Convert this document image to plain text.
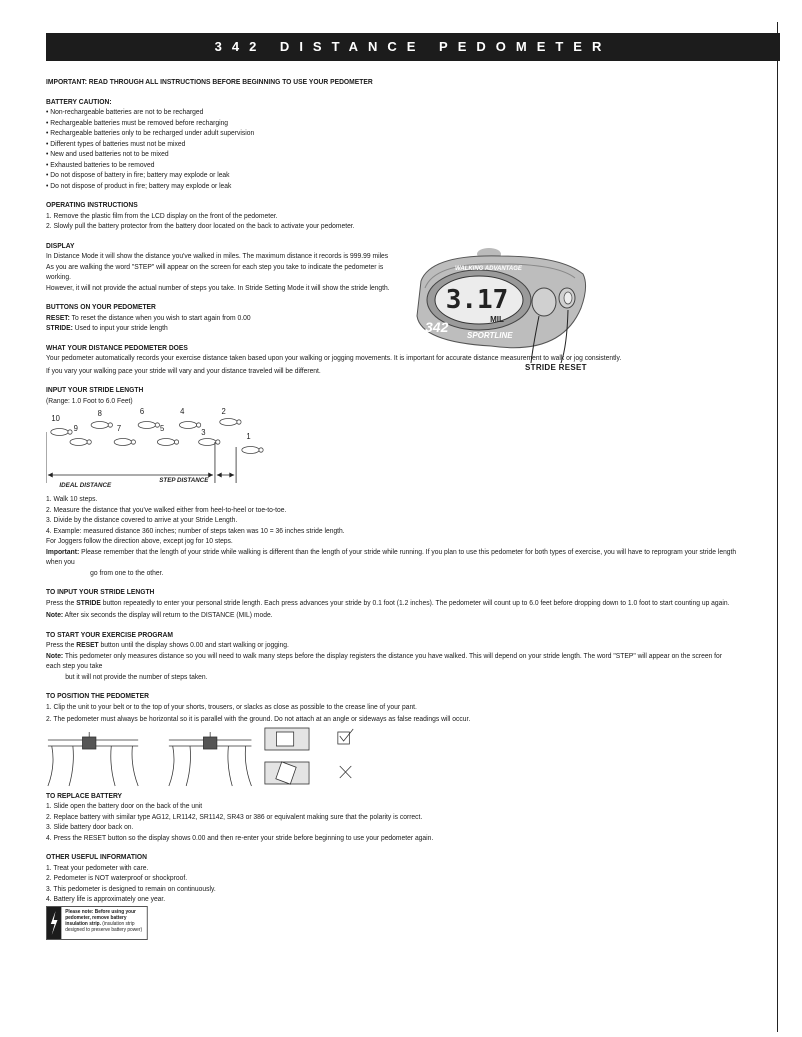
342 DISTANCE PEDOMETER
WALKING ADVANTAGE
3.17
MIL
342
SPORTLINE
STRIDE RESET
IMPORTANT: READ THROUGH ALL INSTRUCTIONS BEFORE BEGINNING TO USE YOUR PEDOMETER
BATTERY CAUTION:
• Non-rechargeable batteries are not to be recharged
• Rechargeable batteries must be removed before recharging
• Rechargeable batteries only to be recharged under adult supervision
• Different types of batteries must not be mixed
• New and used batteries not to be mixed
• Exhausted batteries to be removed
• Do not dispose of battery in fire; battery may explode or leak
• Do not dispose of product in fire; battery may explode or leak
OPERATING INSTRUCTIONS
1. Remove the plastic film from the LCD display on the front of the pedometer.
2. Slowly pull the battery protector from the battery door located on the back to activate your pedometer.
DISPLAY
In Distance Mode it will show the distance you've walked in miles. The maximum distance it records is 999.99 miles
As you are walking the word "STEP" will appear on the screen for each step you take to indicate the pedometer is working.
However, it will not provide the actual number of steps you take. In Stride Setting Mode it will show the stride length.
BUTTONS ON YOUR PEDOMETER
RESET: To reset the distance when you wish to start again from 0.00
STRIDE: Used to input your stride length
WHAT YOUR DISTANCE PEDOMETER DOES
Your pedometer automatically records your exercise distance taken based upon your walking or jogging movements. It is important for accurate distance measurement to walk or jog consistently.
If you vary your walking pace your stride will vary and your distance traveled will be different.
INPUT YOUR STRIDE LENGTH
(Range: 1.0 Foot to 6.0 Feet)
10
8	6	4	2
9	7	5	3	1
IDEAL DISTANCE
STEP DISTANCE
1. Walk 10 steps.
2. Measure the distance that you've walked either from heel-to-heel or toe-to-toe.
3. Divide by the distance covered to arrive at your Stride Length.
4. Example: measured distance 360 inches; number of steps taken was 10 = 36 inches stride length.
For Joggers follow the direction above, except jog for 10 steps.
Important: Please remember that the length of your stride while walking is different than the length of your stride while running. If you plan to use this pedometer for both types of exercise, you will have to reprogram your stride length when you
go from one to the other.
TO INPUT YOUR STRIDE LENGTH
Press the STRIDE button repeatedly to enter your personal stride length. Each press advances your stride by 0.1 foot (1.2 inches). The pedometer will count up to 6.0 feet before dropping down to 1.0 foot to start counting up again.
Note: After six seconds the display will return to the DISTANCE (MIL) mode.
TO START YOUR EXERCISE PROGRAM
Press the RESET button until the display shows 0.00 and start walking or jogging.
Note: This pedometer only measures distance so you will need to walk many steps before the display registers the distance you have walked. This will depend on your stride length. The word "STEP" will appear on the screen for each step you take
but it will not provide the number of steps taken.
TO POSITION THE PEDOMETER
1. Clip the unit to your belt or to the top of your shorts, trousers, or slacks as close as possible to the crease line of your pant.
2. The pedometer must always be horizontal so it is parallel with the ground. Do not attach at an angle or sideways as false readings will occur.
TO REPLACE BATTERY
1. Slide open the battery door on the back of the unit
2. Replace battery with similar type AG12, LR1142, SR1142, SR43 or 386 or equivalent making sure that the polarity is correct.
3. Slide battery door back on.
4. Press the RESET button so the display shows 0.00 and then re-enter your stride before beginning to use your pedometer again.
OTHER USEFUL INFORMATION
1. Treat your pedometer with care.
2. Pedometer is NOT waterproof or shockproof.
3. This pedometer is designed to remain on continuously.
4. Battery life is approximately one year.
Please note: Before using your pedometer, remove battery insulation strip. (insulation strip designed to preserve battery power)
